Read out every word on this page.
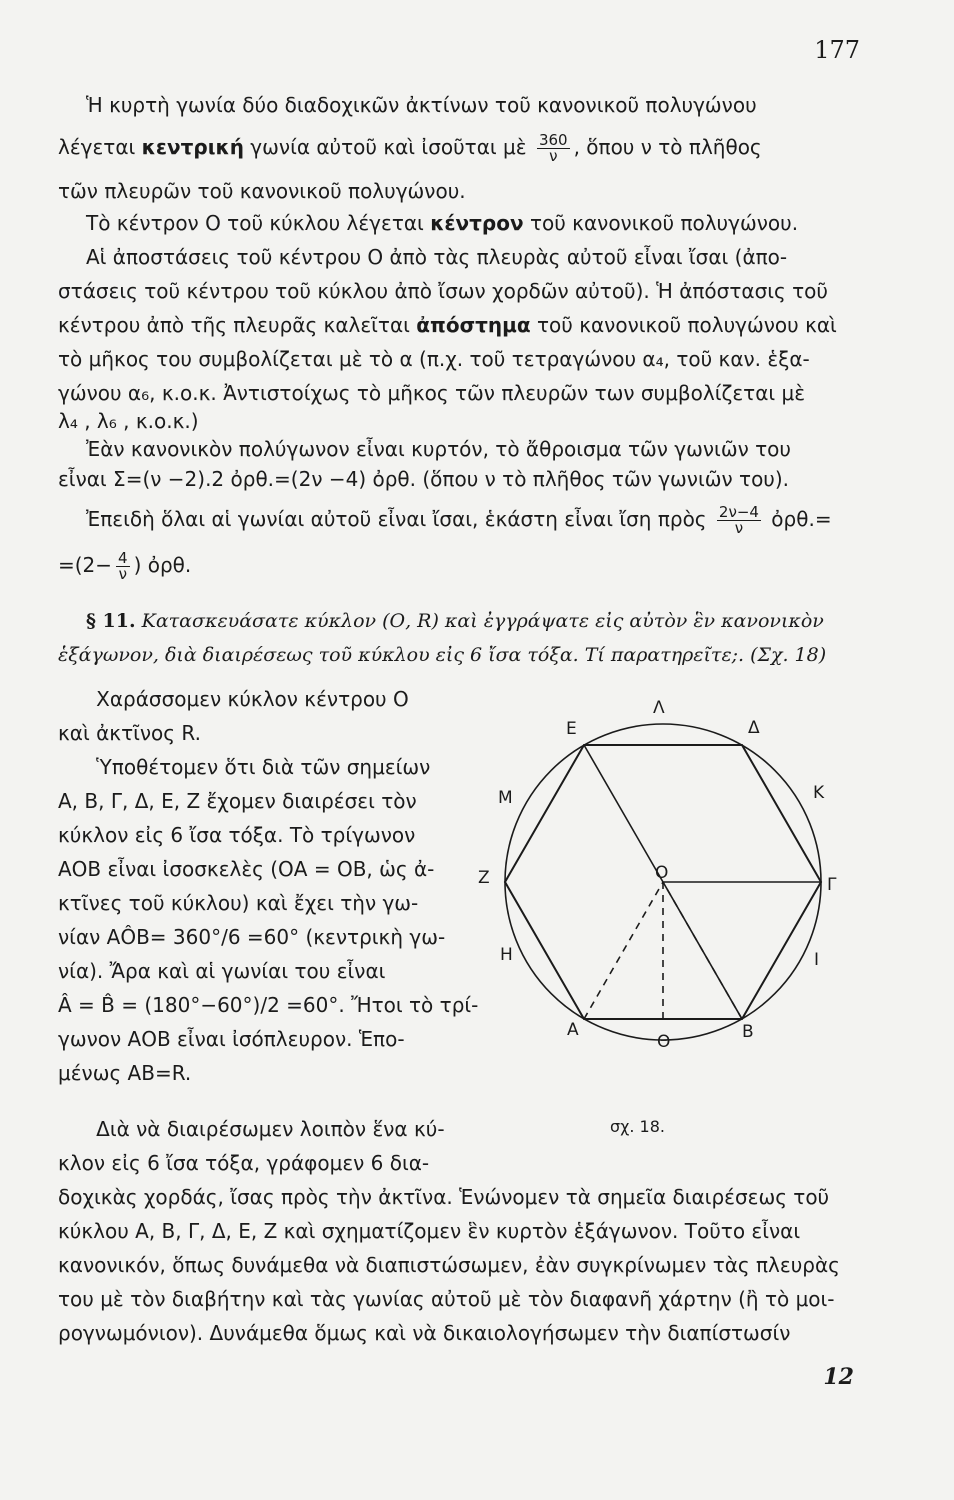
177
Ἡ κυρτὴ γωνία δύο διαδοχικῶν ἀκτίνων τοῦ κανονικοῦ πολυγώνου
λέγεται κεντρική γωνία αὐτοῦ καὶ ἰσοῦται μὲ $\frac{360}{\nu}$ , ὅπου ν τὸ πλῆθος
τῶν πλευρῶν τοῦ κανονικοῦ πολυγώνου.
Τὸ κέντρον Ο τοῦ κύκλου λέγεται κέντρον τοῦ κανονικοῦ πολυγώνου.
Αἱ ἀποστάσεις τοῦ κέντρου Ο ἀπὸ τὰς πλευρὰς αὐτοῦ εἶναι ἴσαι (ἀπο-
στάσεις τοῦ κέντρου τοῦ κύκλου ἀπὸ ἴσων χορδῶν αὐτοῦ). Ἡ ἀπόστασις τοῦ
κέντρου ἀπὸ τῆς πλευρᾶς καλεῖται ἀπόστημα τοῦ κανονικοῦ πολυγώνου καὶ
τὸ μῆκος του συμβολίζεται μὲ τὸ α (π.χ. τοῦ τετραγώνου α₄, τοῦ καν. ἑξα-
γώνου α₆, κ.ο.κ. Ἀντιστοίχως τὸ μῆκος τῶν πλευρῶν των συμβολίζεται μὲ
λ₄ , λ₆ , κ.ο.κ.)
Ἐὰν κανονικὸν πολύγωνον εἶναι κυρτόν, τὸ ἄθροισμα τῶν γωνιῶν του
εἶναι Σ=(ν −2).2 ὀρθ.=(2ν −4) ὀρθ. (ὅπου ν τὸ πλῆθος τῶν γωνιῶν του).
Ἐπειδὴ ὅλαι αἱ γωνίαι αὐτοῦ εἶναι ἴσαι, ἑκάστη εἶναι ἴση πρὸς $\frac{2\nu-4}{\nu}$ ὀρθ.=
$=(2- \frac{4}{\nu}$ ) ὀρθ.
§ 11. Κατασκευάσατε κύκλον (Ο, R) καὶ ἐγγράψατε εἰς αὐτὸν ἓν κανονικὸν
ἑξάγωνον, διὰ διαιρέσεως τοῦ κύκλου εἰς 6 ἴσα τόξα. Τί παρατηρεῖτε;. (Σχ. 18)
Χαράσσομεν κύκλον κέντρου Ο
καὶ ἀκτῖνος R.
Ὑποθέτομεν ὅτι διὰ τῶν σημείων
Α, Β, Γ, Δ, Ε, Ζ ἔχομεν διαιρέσει τὸν
κύκλον εἰς 6 ἴσα τόξα. Τὸ τρίγωνον
ΑΟΒ εἶναι ἰσοσκελὲς (ΟΑ = ΟΒ, ὡς ἀ-
κτῖνες τοῦ κύκλου) καὶ ἔχει τὴν γω-
νίαν ΑÔΒ= 360°/6 =60° (κεντρικὴ γω-
νία). Ἄρα καὶ αἱ γωνίαι του εἶναι
Â = B̂ = (180°−60°)/2 =60°. Ἤτοι τὸ τρί-
γωνον ΑΟΒ εἶναι ἰσόπλευρον. Ἑπο-
μένως ΑΒ=R.
Λ
Δ
E
M	K
Z	O
Γ
H	I
A	B
Θ
σχ. 18.
Διὰ νὰ διαιρέσωμεν λοιπὸν ἕνα κύ-
κλον εἰς 6 ἴσα τόξα, γράφομεν 6 δια-
δοχικὰς χορδάς, ἴσας πρὸς τὴν ἀκτῖνα. Ἑνώνομεν τὰ σημεῖα διαιρέσεως τοῦ
κύκλου Α, Β, Γ, Δ, Ε, Ζ καὶ σχηματίζομεν ἓν κυρτὸν ἑξάγωνον. Τοῦτο εἶναι
κανονικόν, ὅπως δυνάμεθα νὰ διαπιστώσωμεν, ἐὰν συγκρίνωμεν τὰς πλευρὰς
του μὲ τὸν διαβήτην καὶ τὰς γωνίας αὐτοῦ μὲ τὸν διαφανῆ χάρτην (ἢ τὸ μοι-
ρογνωμόνιον). Δυνάμεθα ὅμως καὶ νὰ δικαιολογήσωμεν τὴν διαπίστωσίν
12
